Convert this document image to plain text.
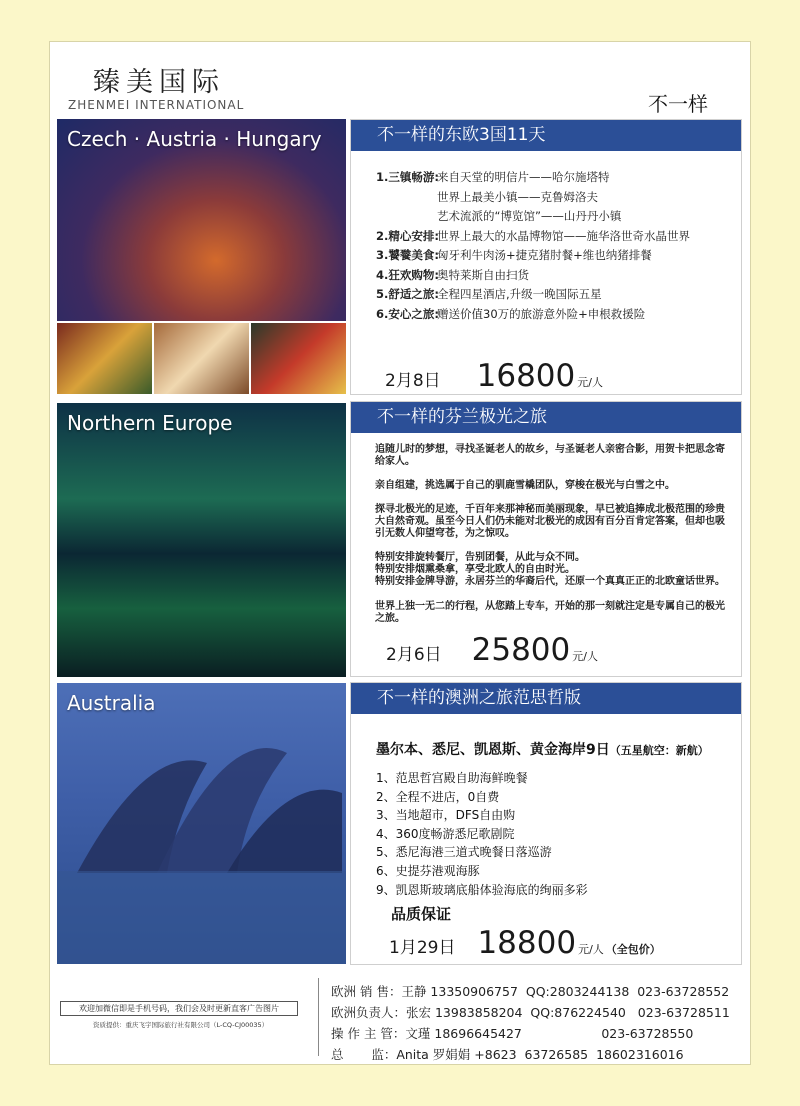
臻美国际
ZHENMEI INTERNATIONAL	不一样
Czech · Austria · Hungary	不一样的东欧3国11天
1.三镇畅游:
来自天堂的明信片——哈尔施塔特
世界上最美小镇——克鲁姆洛夫
艺术流派的“博览馆”——山丹丹小镇
2.精心安排:
世界上最大的水晶博物馆——施华洛世奇水晶世界
3.饕餮美食:
匈牙利牛肉汤+捷克猪肘餐+维也纳猪排餐
4.狂欢购物:
奥特莱斯自由扫货
5.舒适之旅:
全程四星酒店,升级一晚国际五星
6.安心之旅:
赠送价值30万的旅游意外险+申根救援险
2月8日 16800 元/人
Northern Europe	不一样的芬兰极光之旅
追随儿时的梦想，寻找圣诞老人的故乡，与圣诞老人亲密合影，用贺卡把思念寄给家人。
亲自组建，挑选属于自己的驯鹿雪橇团队，穿梭在极光与白雪之中。
探寻北极光的足迹，千百年来那神秘而美丽现象，早已被追捧成北极范围的珍贵大自然奇观。虽至今日人们仍未能对北极光的成因有百分百肯定答案，但却也吸引无数人仰望穹苍，为之惊叹。
特别安排旋转餐厅，告别团餐，从此与众不同。
特别安排烟熏桑拿，享受北欧人的自由时光。
特别安排金牌导游，永居芬兰的华裔后代，还原一个真真正正的北欧童话世界。
世界上独一无二的行程，从您踏上专车，开始的那一刻就注定是专属自己的极光之旅。
2月6日 25800 元/人
Australia	不一样的澳洲之旅范思哲版
墨尔本、悉尼、凯恩斯、黄金海岸9日（五星航空：新航）
1、范思哲宫殿自助海鲜晚餐
2、全程不进店，0自费
3、当地超市，DFS自由购
4、360度畅游悉尼歌剧院
5、悉尼海港三道式晚餐日落巡游
6、史提芬港观海豚
9、凯恩斯玻璃底船体验海底的绚丽多彩
品质保证
1月29日 18800 元/人 （全包价）
欢迎加微信即是手机号码，我们会及时更新直客广告图片
资质提供：重庆飞宇国际旅行社有限公司（L-CQ-CJ00035）
欧洲 销 售：王静 13350906757  QQ:2803244138  023-63728552
欧洲负责人：张宏 13983858204  QQ:876224540   023-63728511
操 作 主 管：文瑾 18696645427                    023-63728550
总       监：Anita 罗娟娟 +8623  63726585  18602316016
